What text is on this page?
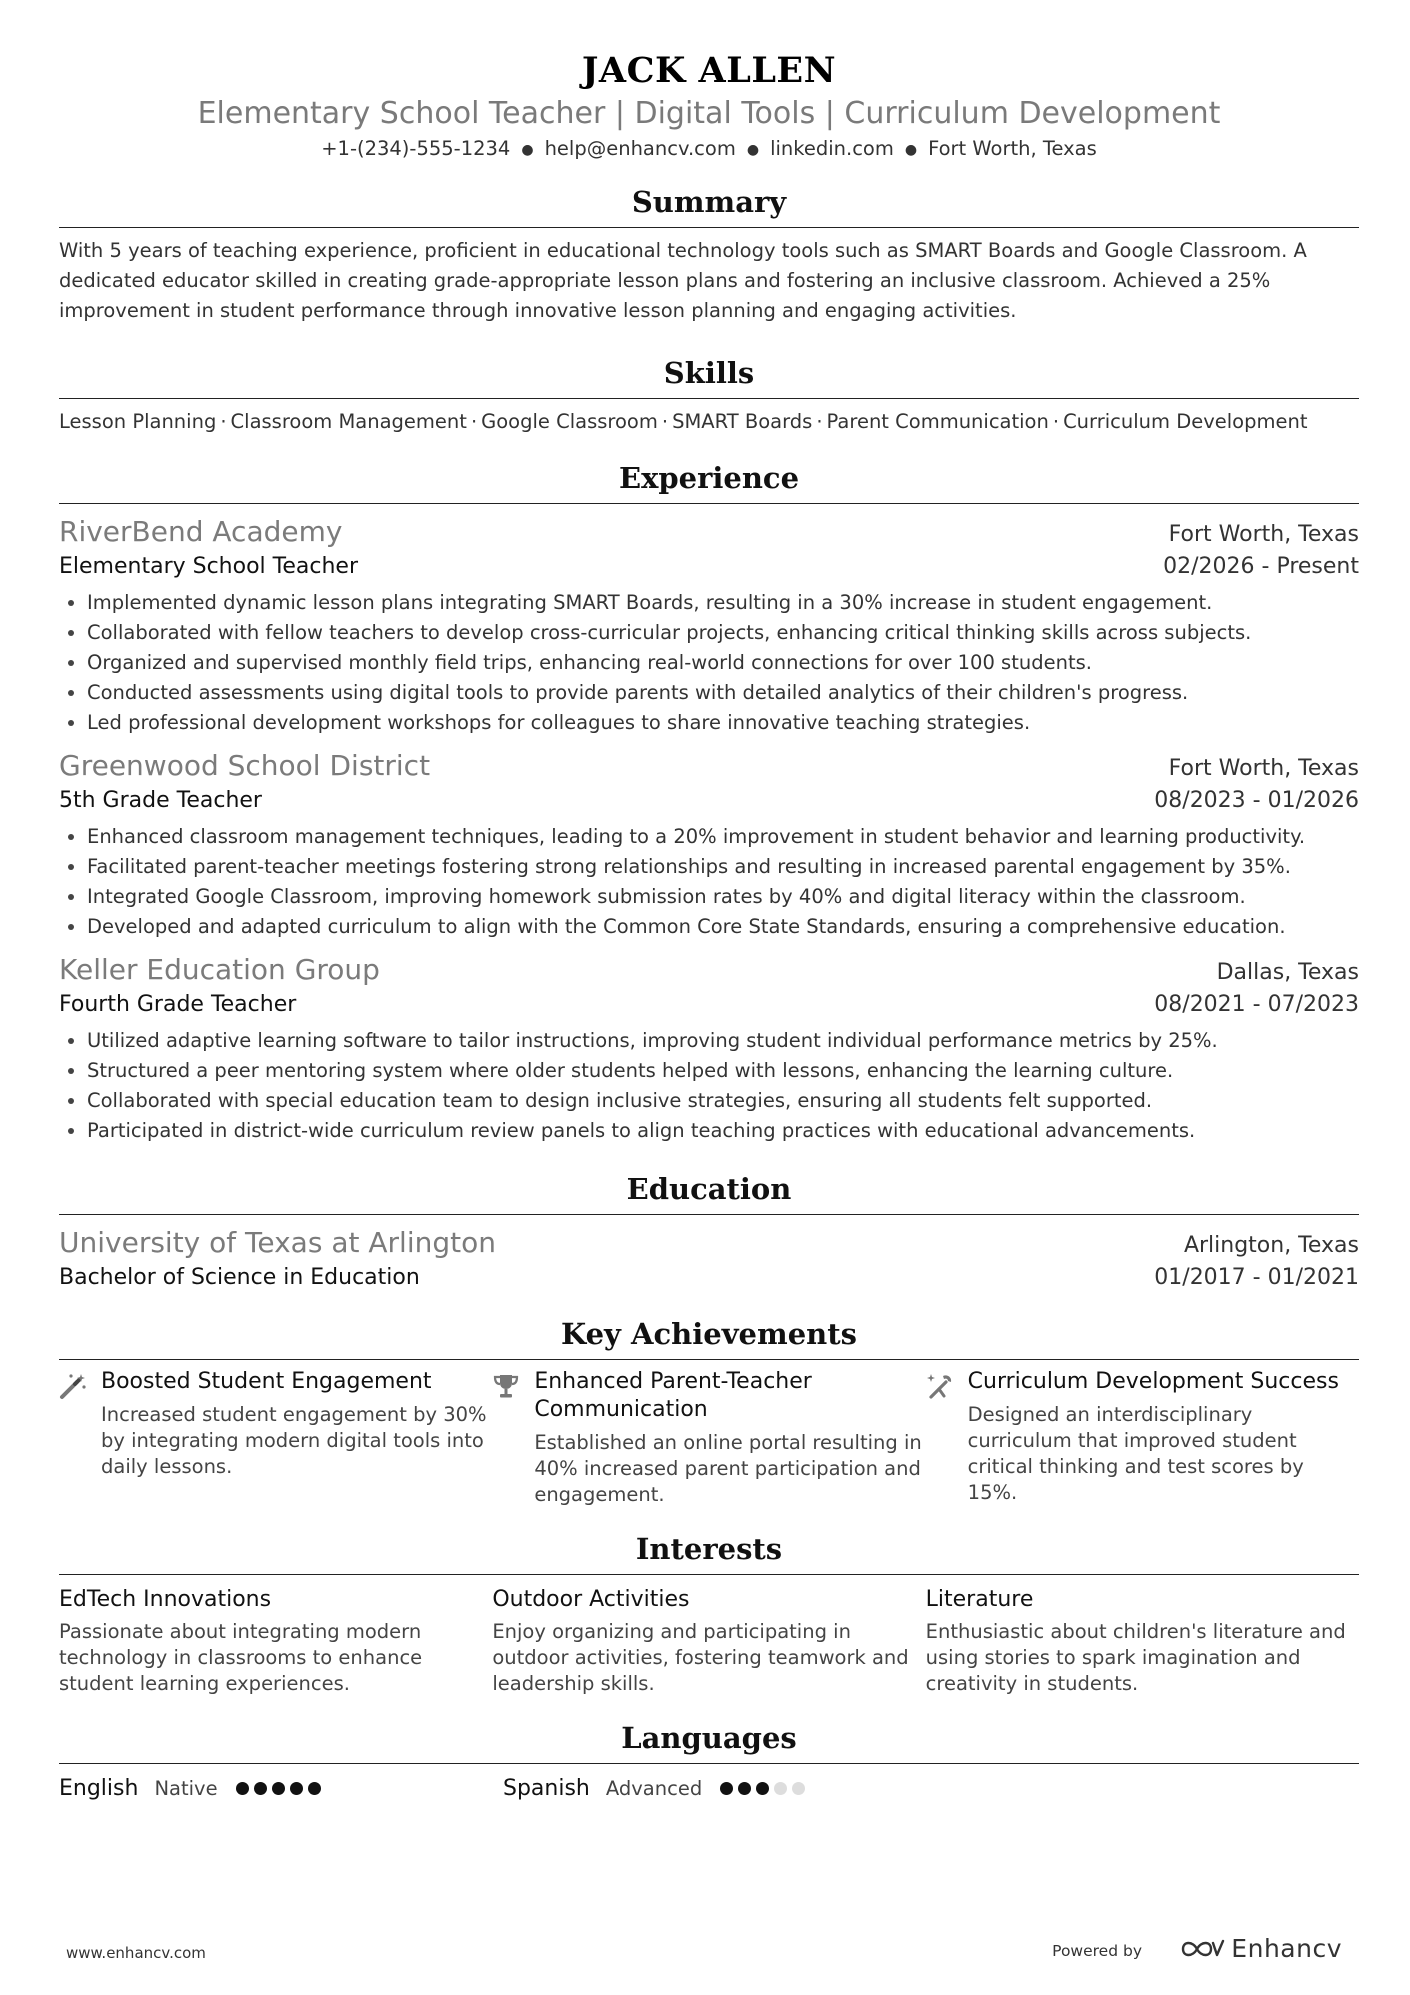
JACK ALLEN
Elementary School Teacher | Digital Tools | Curriculum Development
+1-(234)-555-1234 ● help@enhancv.com ● linkedin.com ● Fort Worth, Texas
Summary
With 5 years of teaching experience, proficient in educational technology tools such as SMART Boards and Google Classroom. A dedicated educator skilled in creating grade-appropriate lesson plans and fostering an inclusive classroom. Achieved a 25% improvement in student performance through innovative lesson planning and engaging activities.
Skills
Lesson Planning · Classroom Management · Google Classroom · SMART Boards · Parent Communication · Curriculum Development
Experience
RiverBend Academy	Fort Worth, Texas
Elementary School Teacher	02/2026 - Present
• Implemented dynamic lesson plans integrating SMART Boards, resulting in a 30% increase in student engagement.
• Collaborated with fellow teachers to develop cross-curricular projects, enhancing critical thinking skills across subjects.
• Organized and supervised monthly field trips, enhancing real-world connections for over 100 students.
• Conducted assessments using digital tools to provide parents with detailed analytics of their children's progress.
• Led professional development workshops for colleagues to share innovative teaching strategies.
Greenwood School District	Fort Worth, Texas
5th Grade Teacher	08/2023 - 01/2026
• Enhanced classroom management techniques, leading to a 20% improvement in student behavior and learning productivity.
• Facilitated parent-teacher meetings fostering strong relationships and resulting in increased parental engagement by 35%.
• Integrated Google Classroom, improving homework submission rates by 40% and digital literacy within the classroom.
• Developed and adapted curriculum to align with the Common Core State Standards, ensuring a comprehensive education.
Keller Education Group	Dallas, Texas
Fourth Grade Teacher	08/2021 - 07/2023
• Utilized adaptive learning software to tailor instructions, improving student individual performance metrics by 25%.
• Structured a peer mentoring system where older students helped with lessons, enhancing the learning culture.
• Collaborated with special education team to design inclusive strategies, ensuring all students felt supported.
• Participated in district-wide curriculum review panels to align teaching practices with educational advancements.
Education
University of Texas at Arlington	Arlington, Texas
Bachelor of Science in Education	01/2017 - 01/2021
Key Achievements
Boosted Student Engagement
Increased student engagement by 30% by integrating modern digital tools into daily lessons.
Enhanced Parent-Teacher Communication
Established an online portal resulting in 40% increased parent participation and engagement.
Curriculum Development Success
Designed an interdisciplinary curriculum that improved student critical thinking and test scores by 15%.
Interests
EdTech Innovations
Passionate about integrating modern technology in classrooms to enhance student learning experiences.
Outdoor Activities
Enjoy organizing and participating in outdoor activities, fostering teamwork and leadership skills.
Literature
Enthusiastic about children's literature and using stories to spark imagination and creativity in students.
Languages
English Native	Spanish Advanced
www.enhancv.com	Powered by	Enhancv
